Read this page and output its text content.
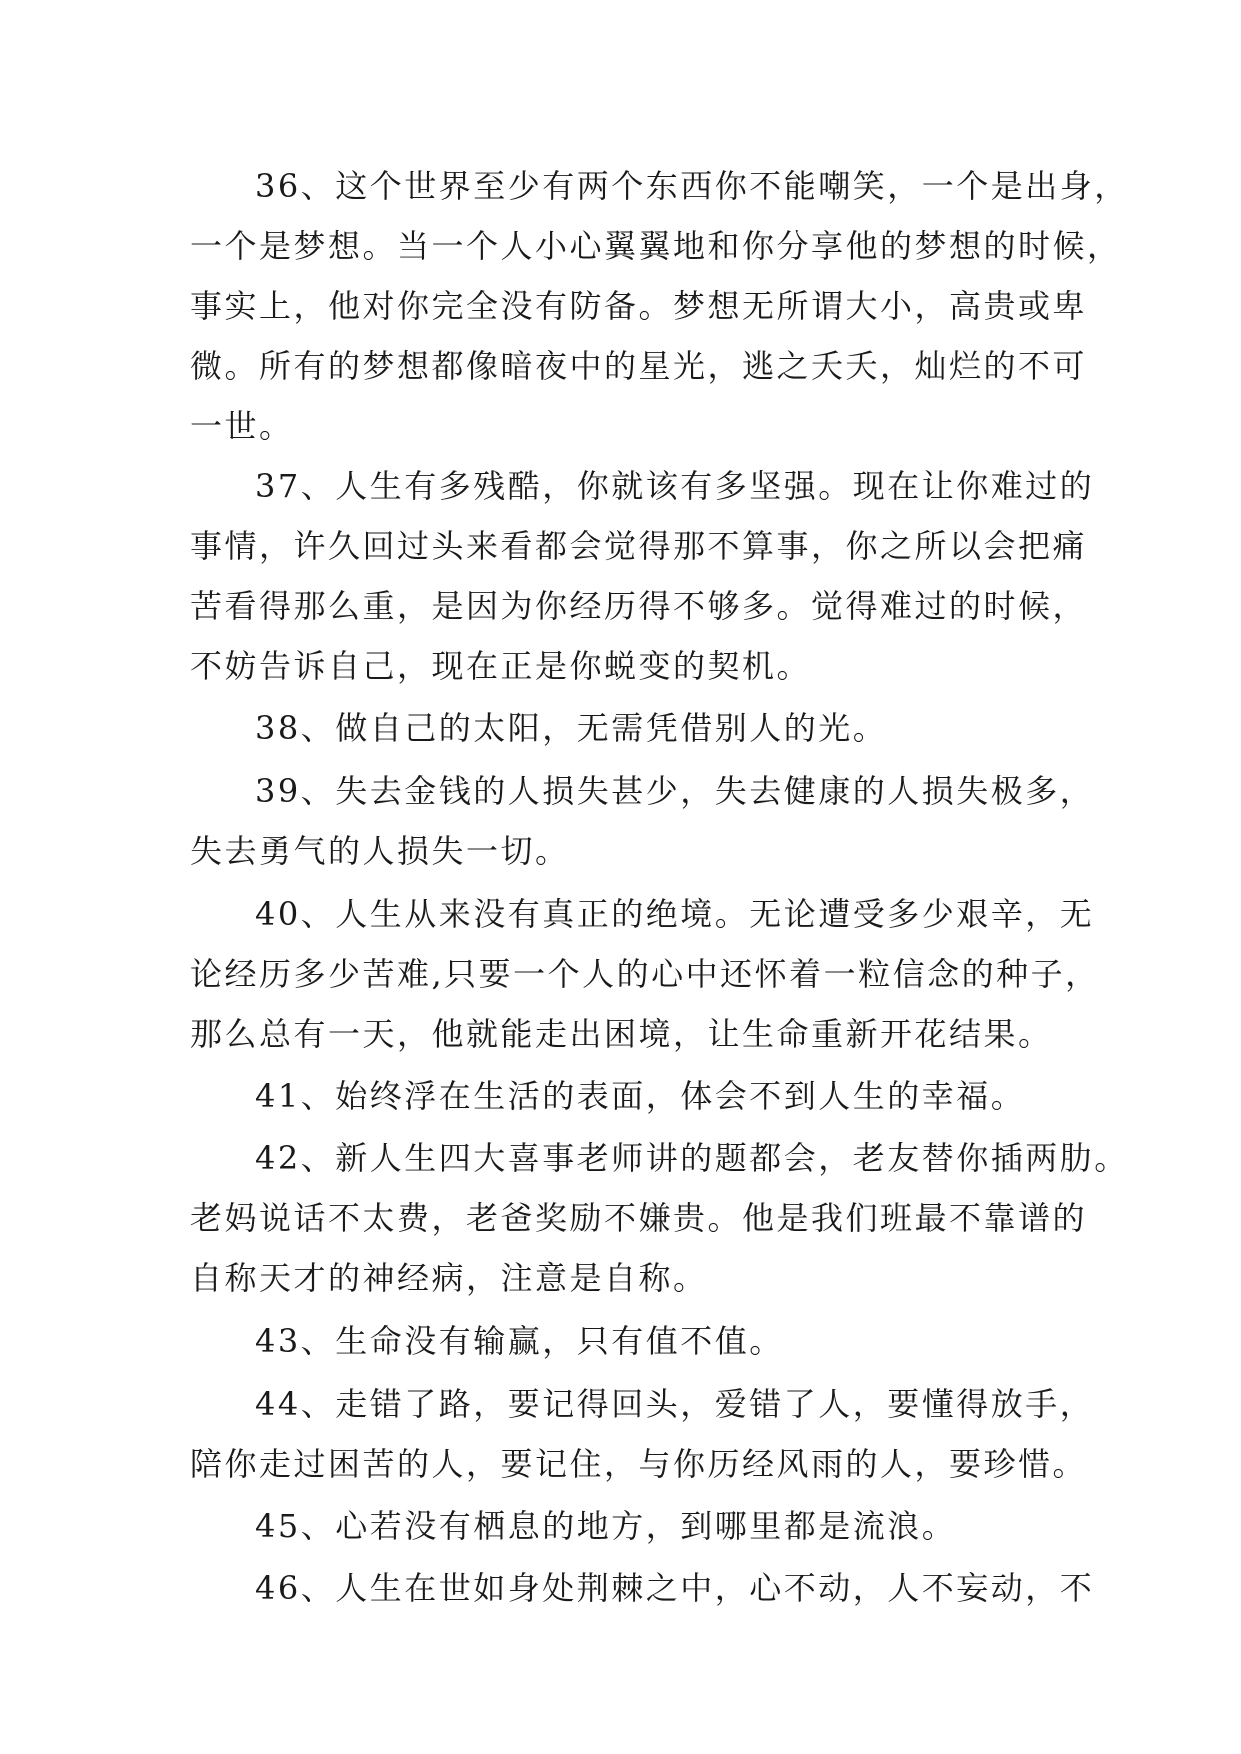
36、这个世界至少有两个东西你不能嘲笑，一个是出身，
一个是梦想。当一个人小心翼翼地和你分享他的梦想的时候，
事实上，他对你完全没有防备。梦想无所谓大小，高贵或卑
微。所有的梦想都像暗夜中的星光，逃之夭夭，灿烂的不可
一世。
37、人生有多残酷，你就该有多坚强。现在让你难过的
事情，许久回过头来看都会觉得那不算事，你之所以会把痛
苦看得那么重，是因为你经历得不够多。觉得难过的时候，
不妨告诉自己，现在正是你蜕变的契机。
38、做自己的太阳，无需凭借别人的光。
39、失去金钱的人损失甚少，失去健康的人损失极多，
失去勇气的人损失一切。
40、人生从来没有真正的绝境。无论遭受多少艰辛，无
论经历多少苦难,只要一个人的心中还怀着一粒信念的种子，
那么总有一天，他就能走出困境，让生命重新开花结果。
41、始终浮在生活的表面，体会不到人生的幸福。
42、新人生四大喜事老师讲的题都会，老友替你插两肋。
老妈说话不太费，老爸奖励不嫌贵。他是我们班最不靠谱的
自称天才的神经病，注意是自称。
43、生命没有输赢，只有值不值。
44、走错了路，要记得回头，爱错了人，要懂得放手，
陪你走过困苦的人，要记住，与你历经风雨的人，要珍惜。
45、心若没有栖息的地方，到哪里都是流浪。
46、人生在世如身处荆棘之中，心不动，人不妄动，不
